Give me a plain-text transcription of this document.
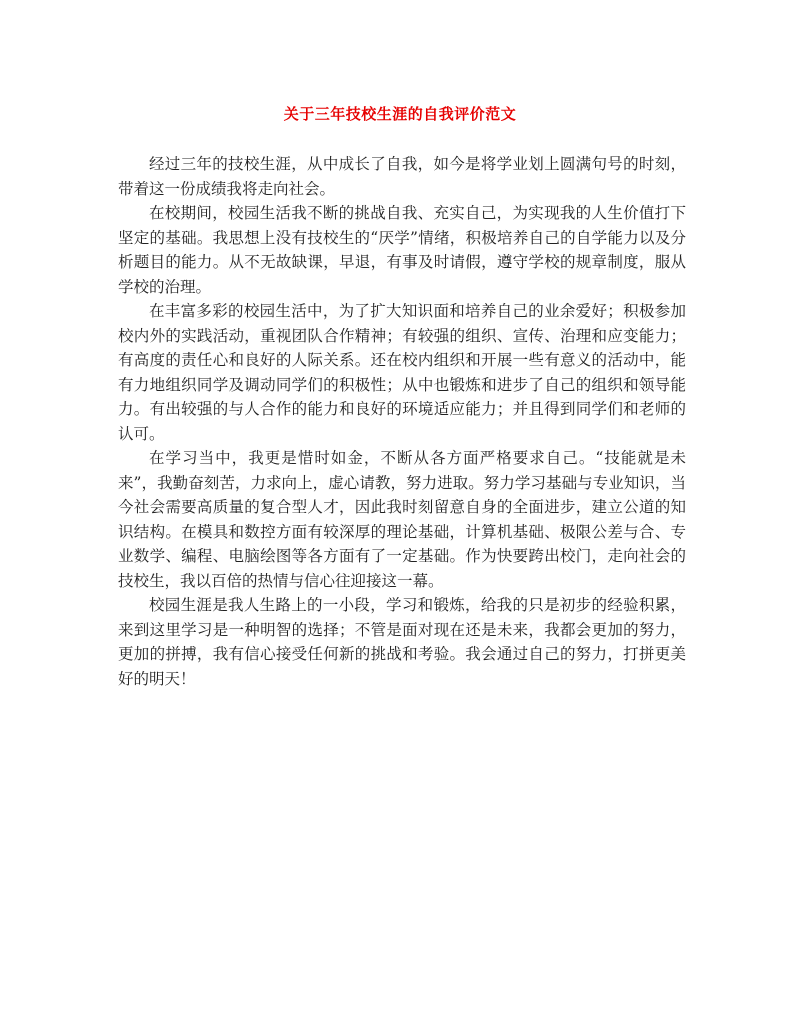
关于三年技校生涯的自我评价范文

经过三年的技校生涯，从中成长了自我，如今是将学业划上圆满句号的时刻，带着这一份成绩我将走向社会。

在校期间，校园生活我不断的挑战自我、充实自己，为实现我的人生价值打下坚定的基础。我思想上没有技校生的“厌学”情绪，积极培养自己的自学能力以及分析题目的能力。从不无故缺课，早退，有事及时请假，遵守学校的规章制度，服从学校的治理。

在丰富多彩的校园生活中，为了扩大知识面和培养自己的业余爱好；积极参加校内外的实践活动，重视团队合作精神；有较强的组织、宣传、治理和应变能力；有高度的责任心和良好的人际关系。还在校内组织和开展一些有意义的活动中，能有力地组织同学及调动同学们的积极性；从中也锻炼和进步了自己的组织和领导能力。有出较强的与人合作的能力和良好的环境适应能力；并且得到同学们和老师的认可。

在学习当中，我更是惜时如金，不断从各方面严格要求自己。“技能就是未来”，我勤奋刻苦，力求向上，虚心请教，努力进取。努力学习基础与专业知识，当今社会需要高质量的复合型人才，因此我时刻留意自身的全面进步，建立公道的知识结构。在模具和数控方面有较深厚的理论基础，计算机基础、极限公差与合、专业数学、编程、电脑绘图等各方面有了一定基础。作为快要跨出校门，走向社会的技校生，我以百倍的热情与信心往迎接这一幕。

校园生涯是我人生路上的一小段，学习和锻炼，给我的只是初步的经验积累，来到这里学习是一种明智的选择；不管是面对现在还是未来，我都会更加的努力，更加的拼搏，我有信心接受任何新的挑战和考验。我会通过自己的努力，打拼更美好的明天！
